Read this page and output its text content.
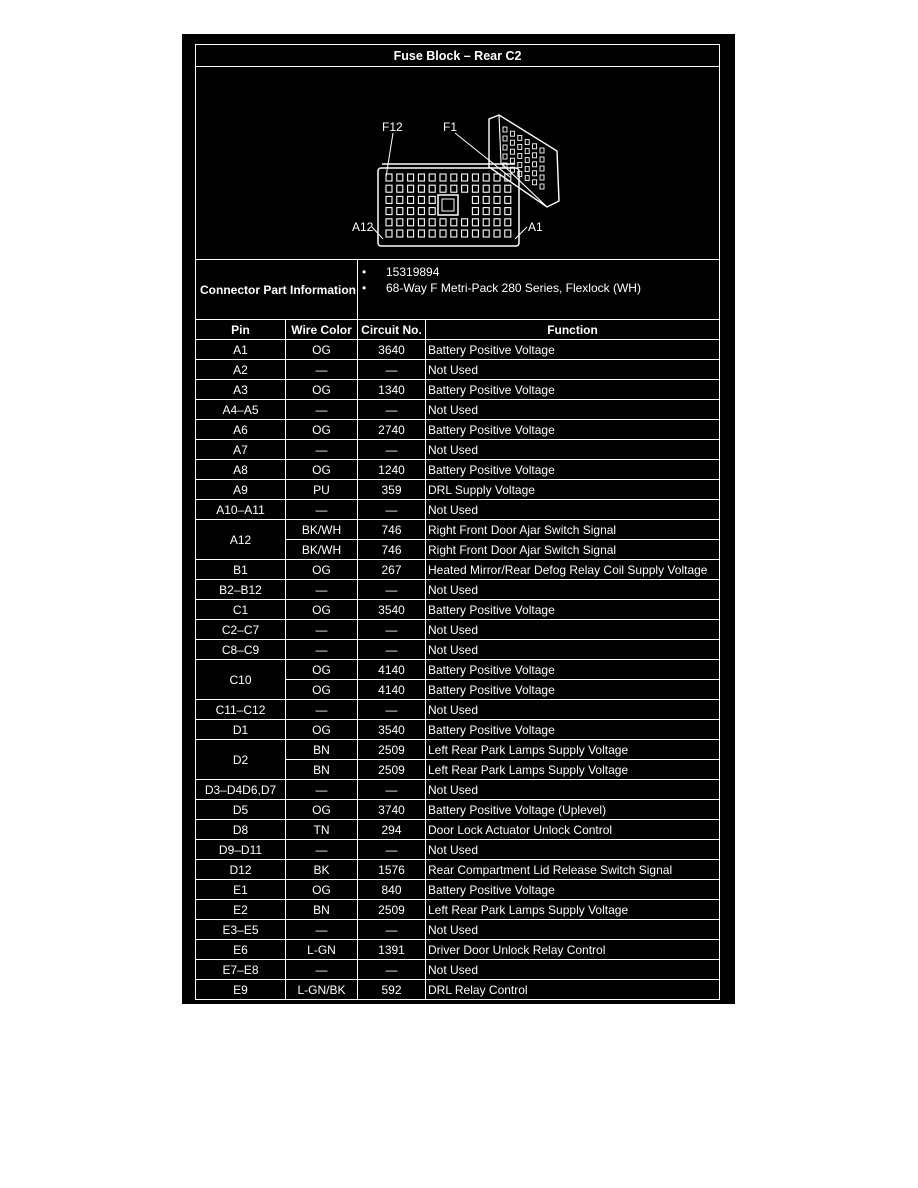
Fuse Block – Rear C2			

F12 F1
A12 A1			

Connector Part Information		• 15319894
• 68-Way F Metri-Pack 280 Series, Flexlock (WH)	

Pin	Wire Color	Circuit No.	Function
A1	OG	3640	Battery Positive Voltage
A2	—	—	Not Used
A3	OG	1340	Battery Positive Voltage
A4–A5	—	—	Not Used
A6	OG	2740	Battery Positive Voltage
A7	—	—	Not Used
A8	OG	1240	Battery Positive Voltage
A9	PU	359	DRL Supply Voltage
A10–A11	—	—	Not Used
A12	BK/WH	746	Right Front Door Ajar Switch Signal
	BK/WH	746	Right Front Door Ajar Switch Signal
B1	OG	267	Heated Mirror/Rear Defog Relay Coil Supply Voltage
B2–B12	—	—	Not Used
C1	OG	3540	Battery Positive Voltage
C2–C7	—	—	Not Used
C8–C9	—	—	Not Used
C10	OG	4140	Battery Positive Voltage
	OG	4140	Battery Positive Voltage
C11–C12	—	—	Not Used
D1	OG	3540	Battery Positive Voltage
D2	BN	2509	Left Rear Park Lamps Supply Voltage
	BN	2509	Left Rear Park Lamps Supply Voltage
D3–D4D6,D7	—	—	Not Used
D5	OG	3740	Battery Positive Voltage (Uplevel)
D8	TN	294	Door Lock Actuator Unlock Control
D9–D11	—	—	Not Used
D12	BK	1576	Rear Compartment Lid Release Switch Signal
E1	OG	840	Battery Positive Voltage
E2	BN	2509	Left Rear Park Lamps Supply Voltage
E3–E5	—	—	Not Used
E6	L-GN	1391	Driver Door Unlock Relay Control
E7–E8	—	—	Not Used
E9	L-GN/BK	592	DRL Relay Control
